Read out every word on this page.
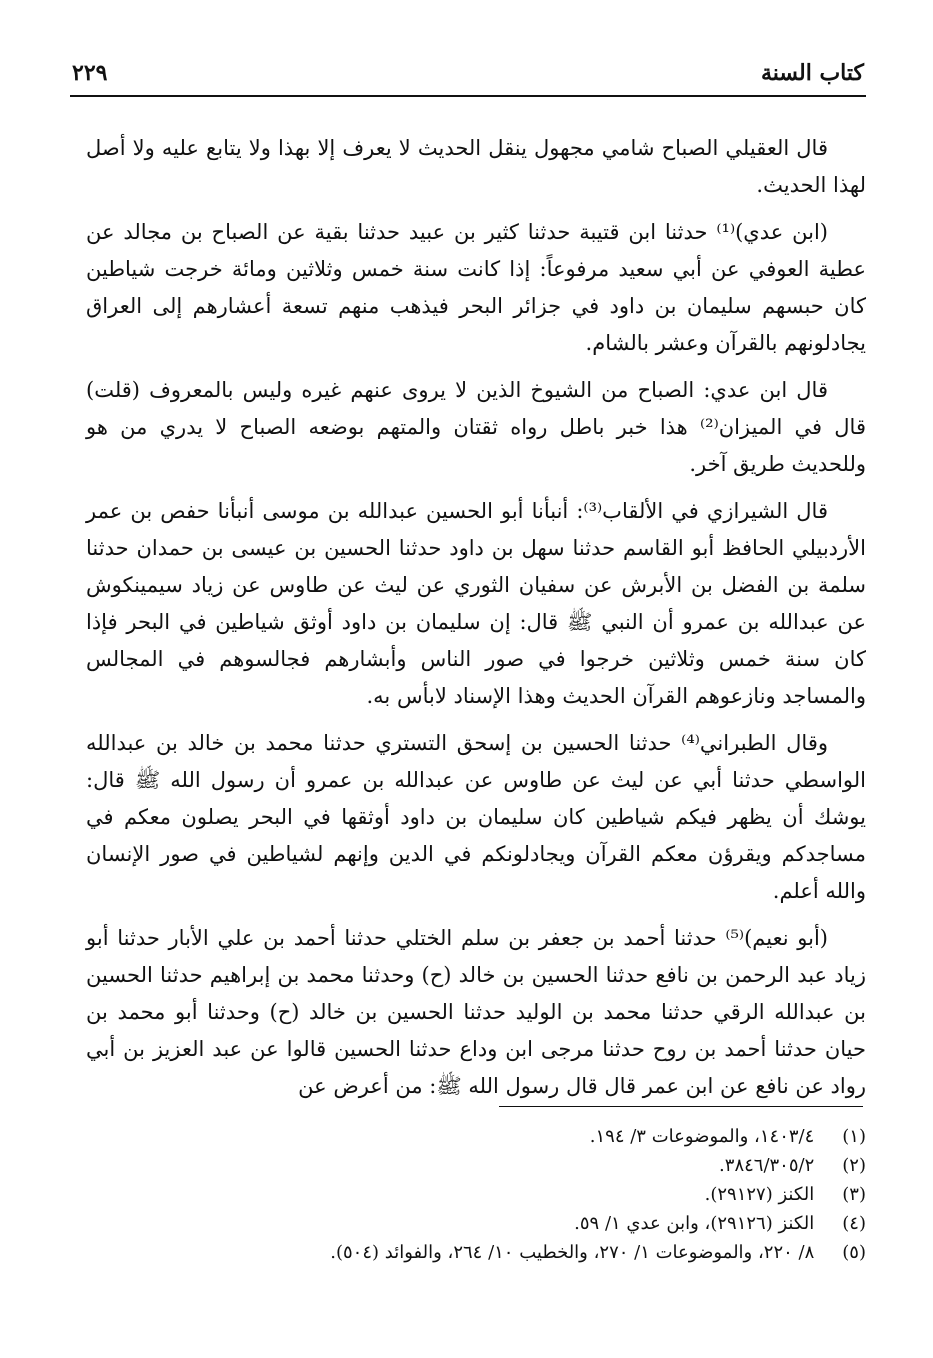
كتاب السنة
٢٢٩

قال العقيلي الصباح شامي مجهول ينقل الحديث لا يعرف إلا بهذا ولا يتابع عليه ولا أصل لهذا الحديث.

(ابن عدي)⁽¹⁾ حدثنا ابن قتيبة حدثنا كثير بن عبيد حدثنا بقية عن الصباح بن مجالد عن عطية العوفي عن أبي سعيد مرفوعاً: إذا كانت سنة خمس وثلاثين ومائة خرجت شياطين كان حبسهم سليمان بن داود في جزائر البحر فيذهب منهم تسعة أعشارهم إلى العراق يجادلونهم بالقرآن وعشر بالشام.

قال ابن عدي: الصباح من الشيوخ الذين لا يروى عنهم غيره وليس بالمعروف (قلت) قال في الميزان⁽²⁾ هذا خبر باطل رواه ثقتان والمتهم بوضعه الصباح لا يدري من هو وللحديث طريق آخر.

قال الشيرازي في الألقاب⁽³⁾: أنبأنا أبو الحسين عبدالله بن موسى أنبأنا حفص بن عمر الأردبيلي الحافظ أبو القاسم حدثنا سهل بن داود حدثنا الحسين بن عيسى بن حمدان حدثنا سلمة بن الفضل بن الأبرش عن سفيان الثوري عن ليث عن طاوس عن زياد سيمينكوش عن عبدالله بن عمرو أن النبي ﷺ قال: إن سليمان بن داود أوثق شياطين في البحر فإذا كان سنة خمس وثلاثين خرجوا في صور الناس وأبشارهم فجالسوهم في المجالس والمساجد ونازعوهم القرآن الحديث وهذا الإسناد لابأس به.

وقال الطبراني⁽⁴⁾ حدثنا الحسين بن إسحق التستري حدثنا محمد بن خالد بن عبدالله الواسطي حدثنا أبي عن ليث عن طاوس عن عبدالله بن عمرو أن رسول الله ﷺ قال: يوشك أن يظهر فيكم شياطين كان سليمان بن داود أوثقها في البحر يصلون معكم في مساجدكم ويقرؤن معكم القرآن ويجادلونكم في الدين وإنهم لشياطين في صور الإنسان والله أعلم.

(أبو نعيم)⁽⁵⁾ حدثنا أحمد بن جعفر بن سلم الختلي حدثنا أحمد بن علي الأبار حدثنا أبو زياد عبد الرحمن بن نافع حدثنا الحسين بن خالد (ح) وحدثنا محمد بن إبراهيم حدثنا الحسين بن عبدالله الرقي حدثنا محمد بن الوليد حدثنا الحسين بن خالد (ح) وحدثنا أبو محمد بن حيان حدثنا أحمد بن روح حدثنا مرجى ابن وداع حدثنا الحسين قالوا عن عبد العزيز بن أبي رواد عن نافع عن ابن عمر قال قال رسول الله ﷺ: من أعرض عن

(١) ١٤٠٣/٤، والموضوعات ٣/ ١٩٤.
(٢) ٣٨٤٦/٣٠٥/٢.
(٣) الكنز (٢٩١٢٧).
(٤) الكنز (٢٩١٢٦)، وابن عدي ١/ ٥٩.
(٥) ٨/ ٢٢٠، والموضوعات ١/ ٢٧٠، والخطيب ١٠/ ٢٦٤، والفوائد (٥٠٤).
